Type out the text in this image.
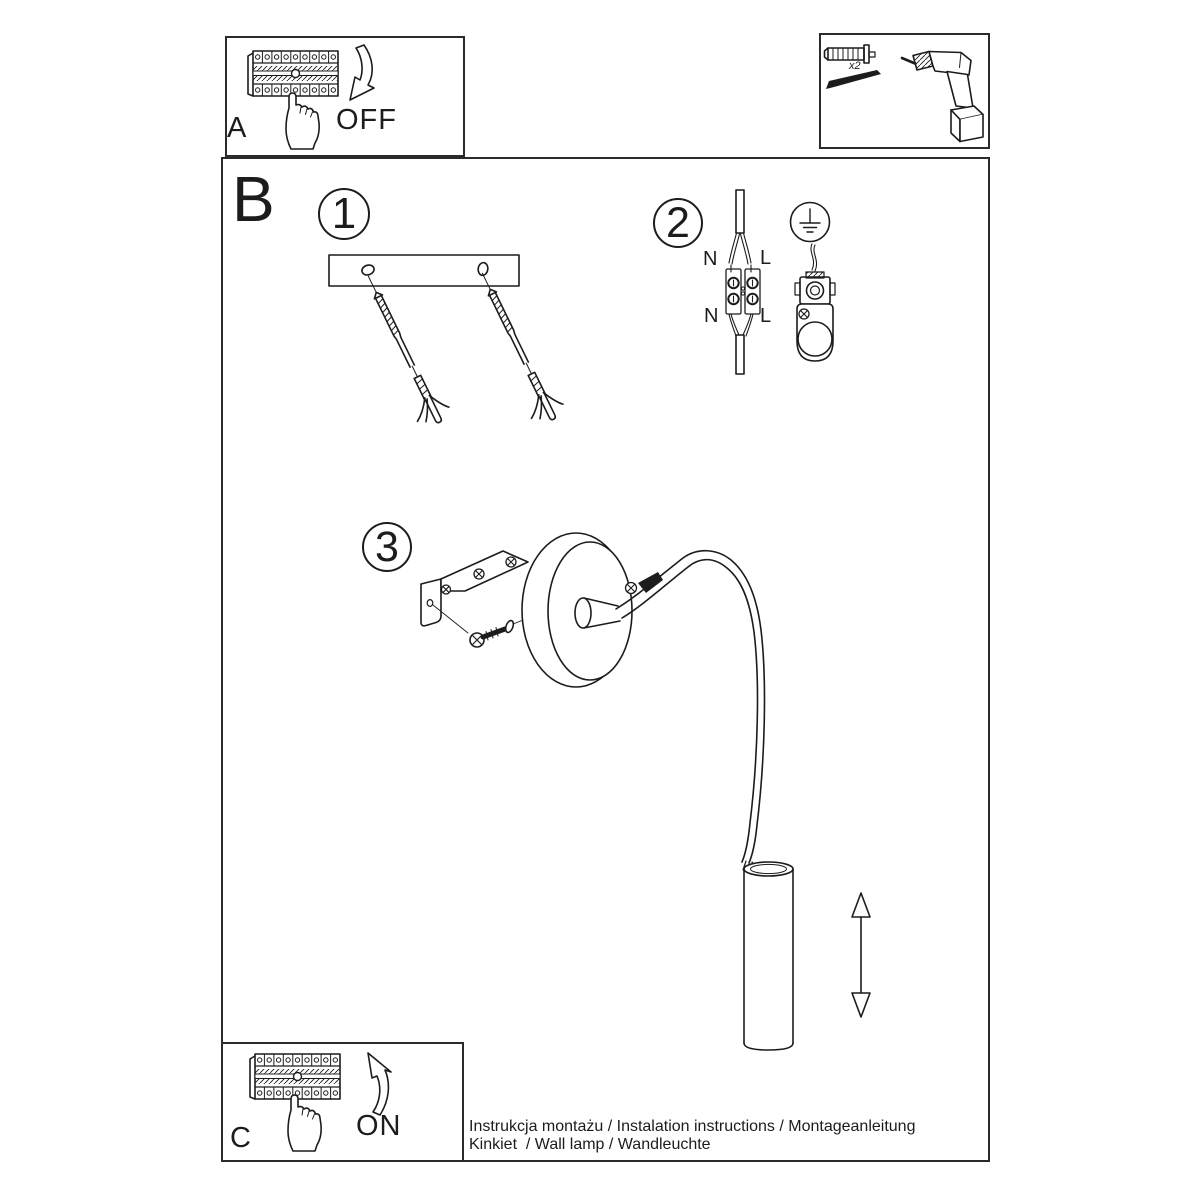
A	OFF
x2
B 1	2
3
N L
N L
C	ON	Instrukcja montażu / Instalation instructions / Montageanleitung
Kinkiet  / Wall lamp / Wandleuchte
